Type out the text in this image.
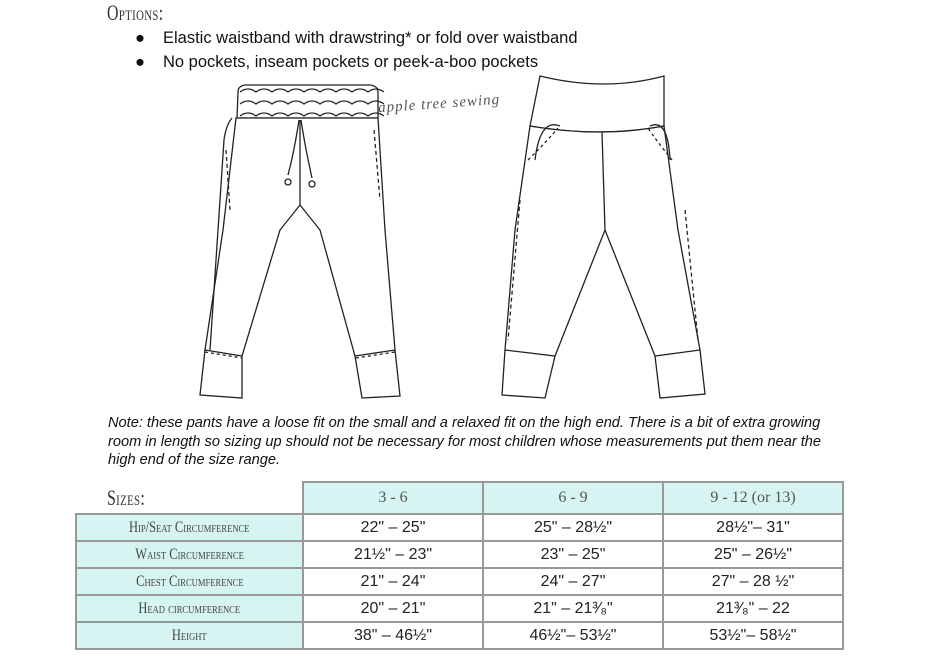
Options:
● Elastic waistband with drawstring* or fold over waistband
● No pockets, inseam pockets or peek-a-boo pockets
apple tree sewing
Note: these pants have a loose fit on the small and a relaxed fit on the high end. There is a bit of extra growing room in length so sizing up should not be necessary for most children whose measurements put them near the high end of the size range.
	3 - 6	6 - 9	9 - 12 (or 13)
Hip/Seat Circumference	22" – 25"	25" – 28½"	28½"– 31"
Waist Circumference	21½" – 23"	23" – 25"	25" – 26½"
Chest Circumference	21" – 24"	24" – 27"	27" – 28 ½"
Head circumference	20" – 21"	21" – 21³⁄₈"	21³⁄₈" – 22
Height	38" – 46½"	46½"– 53½"	53½"– 58½"
Sizes:
